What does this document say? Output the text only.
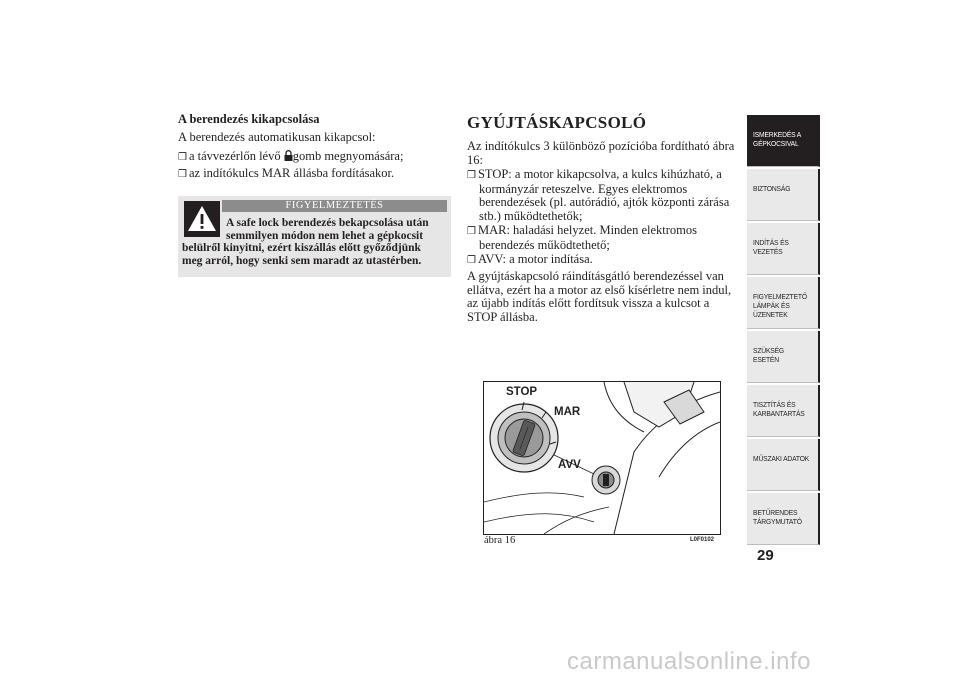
A berendezés kikapcsolása
A berendezés automatikusan kikapcsol:
❒ a távvezérlőn lévő gomb megnyomására;
❒ az indítókulcs MAR állásba fordításakor.
FIGYELMEZTETÉS
A safe lock berendezés bekapcsolása után
semmilyen módon nem lehet a gépkocsit
belülről kinyitni, ezért kiszállás előtt győződjünk
meg arról, hogy senki sem maradt az utastérben.
GYÚJTÁSKAPCSOLÓ
Az indítókulcs 3 különböző pozícióba fordítható ábra
16:
❒ STOP: a motor kikapcsolva, a kulcs kihúzható, a
kormányzár reteszelve. Egyes elektromos
berendezések (pl. autórádió, ajtók központi zárása
stb.) működtethetők;
❒ MAR: haladási helyzet. Minden elektromos
berendezés működtethető;
❒ AVV: a motor indítása.
A gyújtáskapcsoló ráindításgátló berendezéssel van
ellátva, ezért ha a motor az első kísérletre nem indul,
az újabb indítás előtt fordítsuk vissza a kulcsot a
STOP állásba.
STOP
MAR
AVV
ábra 16	L0F0102
ISMERKEDÉS A
GÉPKOCSIVAL
BIZTONSÁG
INDÍTÁS ÉS
VEZETÉS
FIGYELMEZTETŐ
LÁMPÁK ÉS
ÜZENETEK
SZÜKSÉG ESETÉN
TISZTÍTÁS ÉS
KARBANTARTÁS
MŰSZAKI ADATOK
BETŰRENDES
TÁRGYMUTATÓ
29
carmanualsonline.info
